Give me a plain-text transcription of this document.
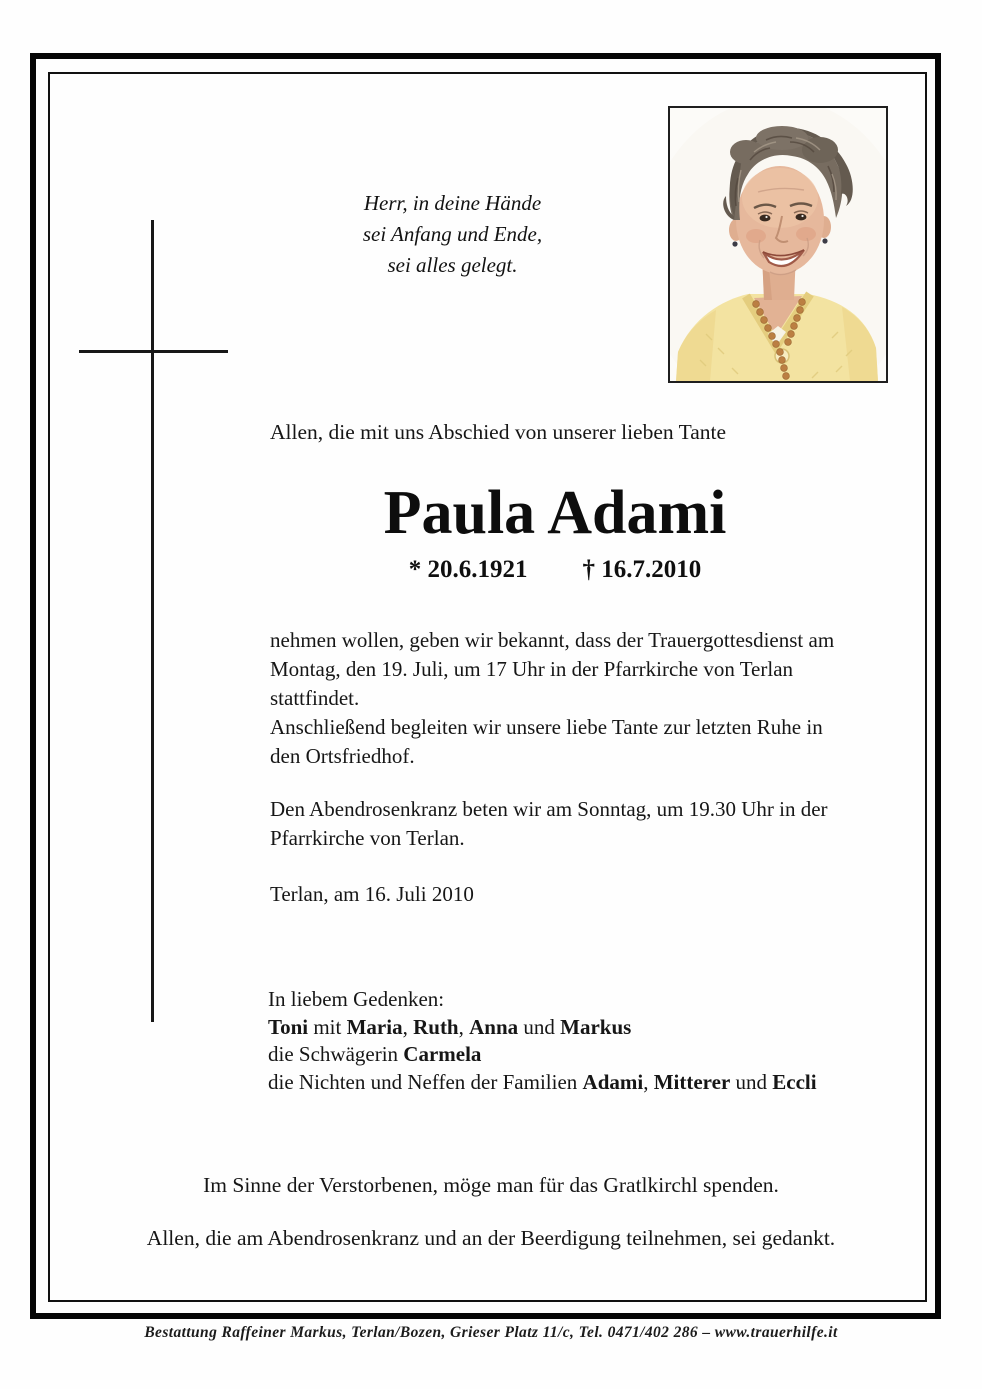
Herr, in deine Hände
sei Anfang und Ende,
sei alles gelegt.
Allen, die mit uns Abschied von unserer lieben Tante
Paula Adami
* 20.6.1921 † 16.7.2010
nehmen wollen, geben wir bekannt, dass der Trauergottesdienst am
Montag, den 19. Juli, um 17 Uhr in der Pfarrkirche von Terlan
stattfindet.
Anschließend begleiten wir unsere liebe Tante zur letzten Ruhe in
den Ortsfriedhof.
Den Abendrosenkranz beten wir am Sonntag, um 19.30 Uhr in der
Pfarrkirche von Terlan.
Terlan, am 16. Juli 2010
In liebem Gedenken:
Toni mit Maria, Ruth, Anna und Markus
die Schwägerin Carmela
die Nichten und Neffen der Familien Adami, Mitterer und Eccli
Im Sinne der Verstorbenen, möge man für das Gratlkirchl spenden.
Allen, die am Abendrosenkranz und an der Beerdigung teilnehmen, sei gedankt.
Bestattung Raffeiner Markus, Terlan/Bozen, Grieser Platz 11/c, Tel. 0471/402 286 – www.trauerhilfe.it
